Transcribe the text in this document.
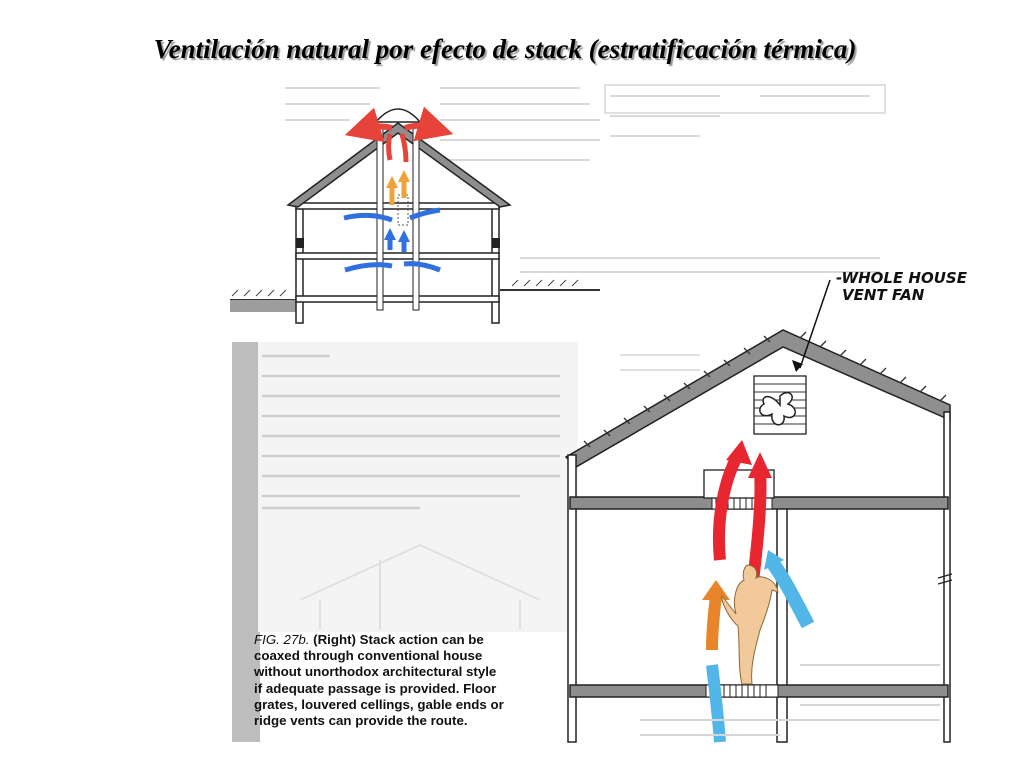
Ventilación natural por efecto de stack (estratificación térmica)
-WHOLE HOUSE
VENT FAN
FIG. 27b. (Right) Stack action can be
coaxed through conventional house
without unorthodox architectural style
if adequate passage is provided. Floor
grates, louvered cellings, gable ends or
ridge vents can provide the route.
